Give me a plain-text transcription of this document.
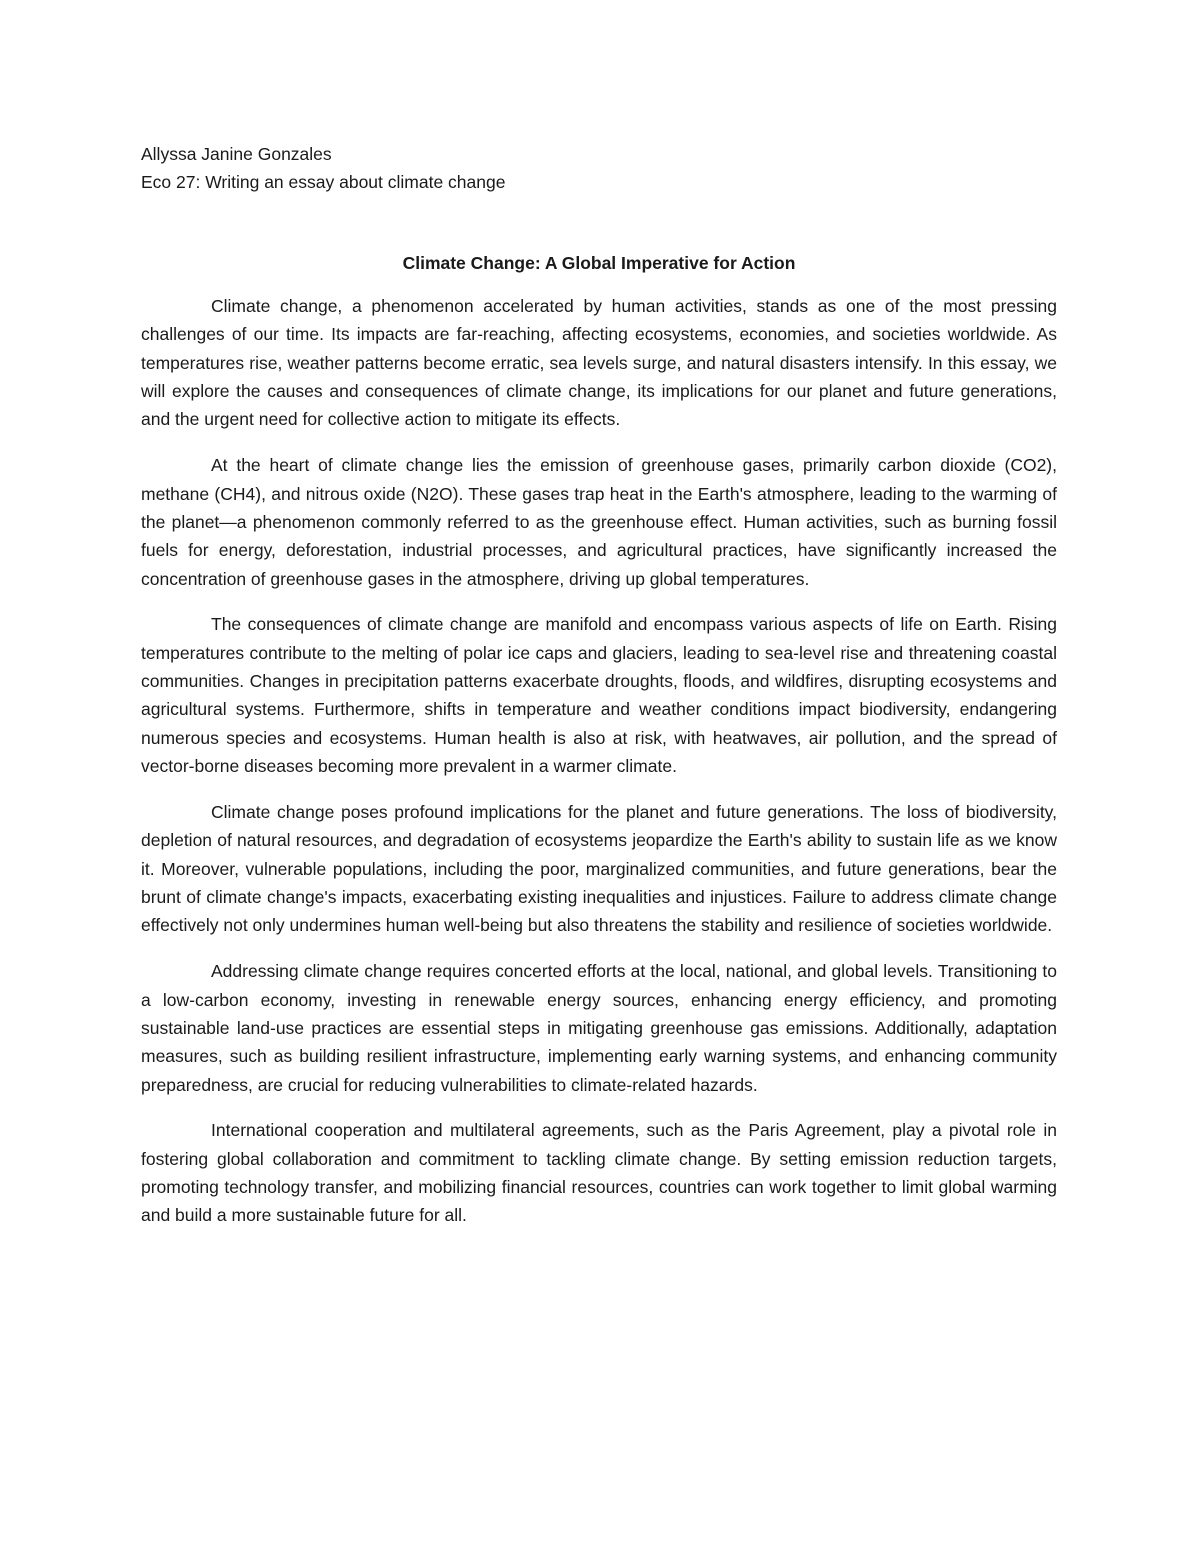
Allyssa Janine Gonzales

Eco 27: Writing an essay about climate change

Climate Change: A Global Imperative for Action

Climate change, a phenomenon accelerated by human activities, stands as one of the most pressing challenges of our time. Its impacts are far-reaching, affecting ecosystems, economies, and societies worldwide. As temperatures rise, weather patterns become erratic, sea levels surge, and natural disasters intensify. In this essay, we will explore the causes and consequences of climate change, its implications for our planet and future generations, and the urgent need for collective action to mitigate its effects.

At the heart of climate change lies the emission of greenhouse gases, primarily carbon dioxide (CO2), methane (CH4), and nitrous oxide (N2O). These gases trap heat in the Earth's atmosphere, leading to the warming of the planet—a phenomenon commonly referred to as the greenhouse effect. Human activities, such as burning fossil fuels for energy, deforestation, industrial processes, and agricultural practices, have significantly increased the concentration of greenhouse gases in the atmosphere, driving up global temperatures.

The consequences of climate change are manifold and encompass various aspects of life on Earth. Rising temperatures contribute to the melting of polar ice caps and glaciers, leading to sea-level rise and threatening coastal communities. Changes in precipitation patterns exacerbate droughts, floods, and wildfires, disrupting ecosystems and agricultural systems. Furthermore, shifts in temperature and weather conditions impact biodiversity, endangering numerous species and ecosystems. Human health is also at risk, with heatwaves, air pollution, and the spread of vector-borne diseases becoming more prevalent in a warmer climate.

Climate change poses profound implications for the planet and future generations. The loss of biodiversity, depletion of natural resources, and degradation of ecosystems jeopardize the Earth's ability to sustain life as we know it. Moreover, vulnerable populations, including the poor, marginalized communities, and future generations, bear the brunt of climate change's impacts, exacerbating existing inequalities and injustices. Failure to address climate change effectively not only undermines human well-being but also threatens the stability and resilience of societies worldwide.

Addressing climate change requires concerted efforts at the local, national, and global levels. Transitioning to a low-carbon economy, investing in renewable energy sources, enhancing energy efficiency, and promoting sustainable land-use practices are essential steps in mitigating greenhouse gas emissions. Additionally, adaptation measures, such as building resilient infrastructure, implementing early warning systems, and enhancing community preparedness, are crucial for reducing vulnerabilities to climate-related hazards.

International cooperation and multilateral agreements, such as the Paris Agreement, play a pivotal role in fostering global collaboration and commitment to tackling climate change. By setting emission reduction targets, promoting technology transfer, and mobilizing financial resources, countries can work together to limit global warming and build a more sustainable future for all.
